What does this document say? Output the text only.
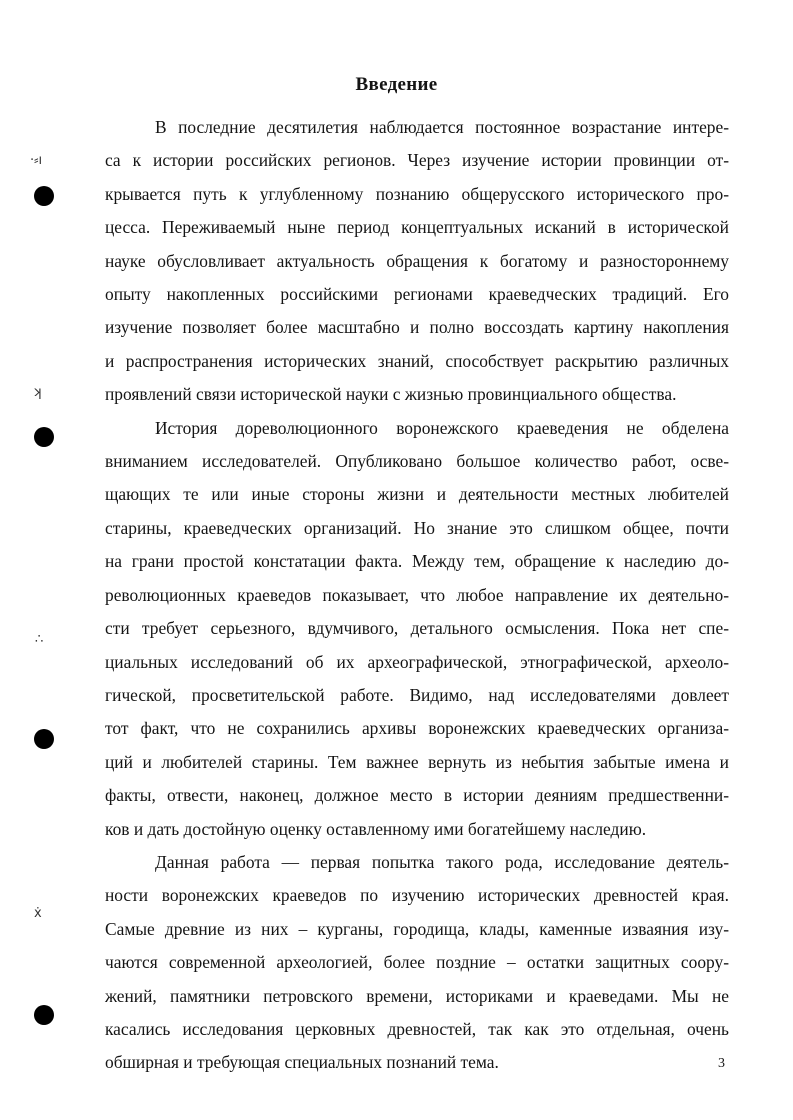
·⸗ı
ʞ
∴
ẋ
Введение
В последние десятилетия наблюдается постоянное возрастание интере-
са к истории российских регионов. Через изучение истории провинции от-
крывается путь к углубленному познанию общерусского исторического про-
цесса. Переживаемый ныне период концептуальных исканий в исторической
науке обусловливает актуальность обращения к богатому и разностороннему
опыту накопленных российскими регионами краеведческих традиций. Его
изучение позволяет более масштабно и полно воссоздать картину накопления
и распространения исторических знаний, способствует раскрытию различных
проявлений связи исторической науки с жизнью провинциального общества.
История дореволюционного воронежского краеведения не обделена
вниманием исследователей. Опубликовано большое количество работ, осве-
щающих те или иные стороны жизни и деятельности местных любителей
старины, краеведческих организаций. Но знание это слишком общее, почти
на грани простой констатации факта. Между тем, обращение к наследию до-
революционных краеведов показывает, что любое направление их деятельно-
сти требует серьезного, вдумчивого, детального осмысления. Пока нет спе-
циальных исследований об их археографической, этнографической, археоло-
гической, просветительской работе. Видимо, над исследователями довлеет
тот факт, что не сохранились архивы воронежских краеведческих организа-
ций и любителей старины. Тем важнее вернуть из небытия забытые имена и
факты, отвести, наконец, должное место в истории деяниям предшественни-
ков и дать достойную оценку оставленному ими богатейшему наследию.
Данная работа — первая попытка такого рода, исследование деятель-
ности воронежских краеведов по изучению исторических древностей края.
Самые древние из них – курганы, городища, клады, каменные изваяния изу-
чаются современной археологией, более поздние – остатки защитных соору-
жений, памятники петровского времени, историками и краеведами. Мы не
касались исследования церковных древностей, так как это отдельная, очень
обширная и требующая специальных познаний тема.	3
